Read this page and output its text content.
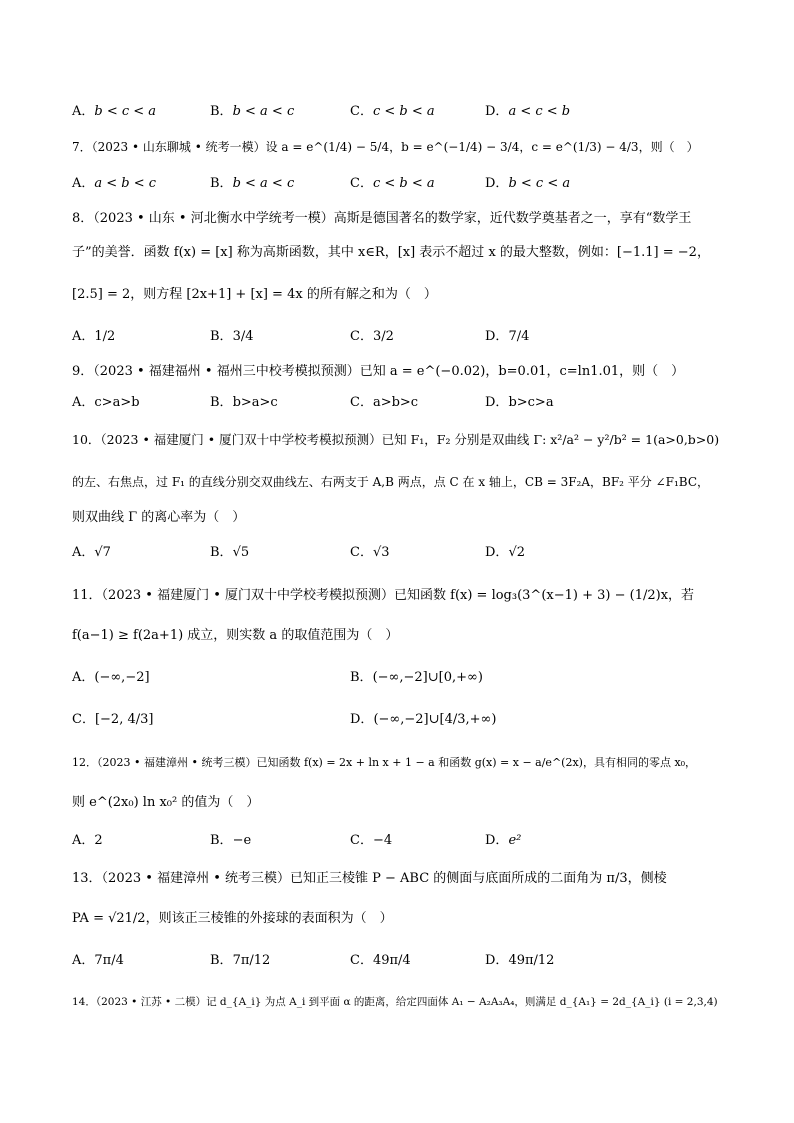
A．b < c < a	B．b < a < c	C．c < b < a	D．a < c < b
7．（2023 • 山东聊城 • 统考一模）设 a = e^(1/4) − 5/4，b = e^(−1/4) − 3/4，c = e^(1/3) − 4/3，则（　）
A．a < b < c	B．b < a < c	C．c < b < a	D．b < c < a
8．（2023 • 山东 • 河北衡水中学统考一模）高斯是德国著名的数学家，近代数学奠基者之一，享有“数学王
子”的美誉．函数 f(x) = [x] 称为高斯函数，其中 x∈R，[x] 表示不超过 x 的最大整数，例如：[−1.1] = −2，
[2.5] = 2，则方程 [2x+1] + [x] = 4x 的所有解之和为（　）
A．1/2	B．3/4	C．3/2	D．7/4
9．（2023 • 福建福州 • 福州三中校考模拟预测）已知 a = e^(−0.02)，b=0.01，c=ln1.01，则（　）
A．c>a>b	B．b>a>c	C．a>b>c	D．b>c>a
10．（2023 • 福建厦门 • 厦门双十中学校考模拟预测）已知 F₁，F₂ 分别是双曲线 Γ: x²/a² − y²/b² = 1(a>0,b>0)
的左、右焦点，过 F₁ 的直线分别交双曲线左、右两支于 A,B 两点，点 C 在 x 轴上，CB = 3F₂A，BF₂ 平分 ∠F₁BC，
则双曲线 Γ 的离心率为（　）
A．√7	B．√5	C．√3	D．√2
11．（2023 • 福建厦门 • 厦门双十中学校考模拟预测）已知函数 f(x) = log₃(3^(x−1) + 3) − (1/2)x，若
f(a−1) ≥ f(2a+1) 成立，则实数 a 的取值范围为（　）
A．(−∞,−2]	B．(−∞,−2]∪[0,+∞)
C．[−2, 4/3]	D．(−∞,−2]∪[4/3,+∞)
12．（2023 • 福建漳州 • 统考三模）已知函数 f(x) = 2x + ln x + 1 − a 和函数 g(x) = x − a/e^(2x)，具有相同的零点 x₀，
则 e^(2x₀) ln x₀² 的值为（　）
A．2	B．−e	C．−4	D．e²
13．（2023 • 福建漳州 • 统考三模）已知正三棱锥 P − ABC 的侧面与底面所成的二面角为 π/3，侧棱
PA = √21/2，则该正三棱锥的外接球的表面积为（　）
A．7π/4	B．7π/12	C．49π/4	D．49π/12
14．（2023 • 江苏 • 二模）记 d_{A_i} 为点 A_i 到平面 α 的距离，给定四面体 A₁ − A₂A₃A₄，则满足 d_{A₁} = 2d_{A_i} (i = 2,3,4)
